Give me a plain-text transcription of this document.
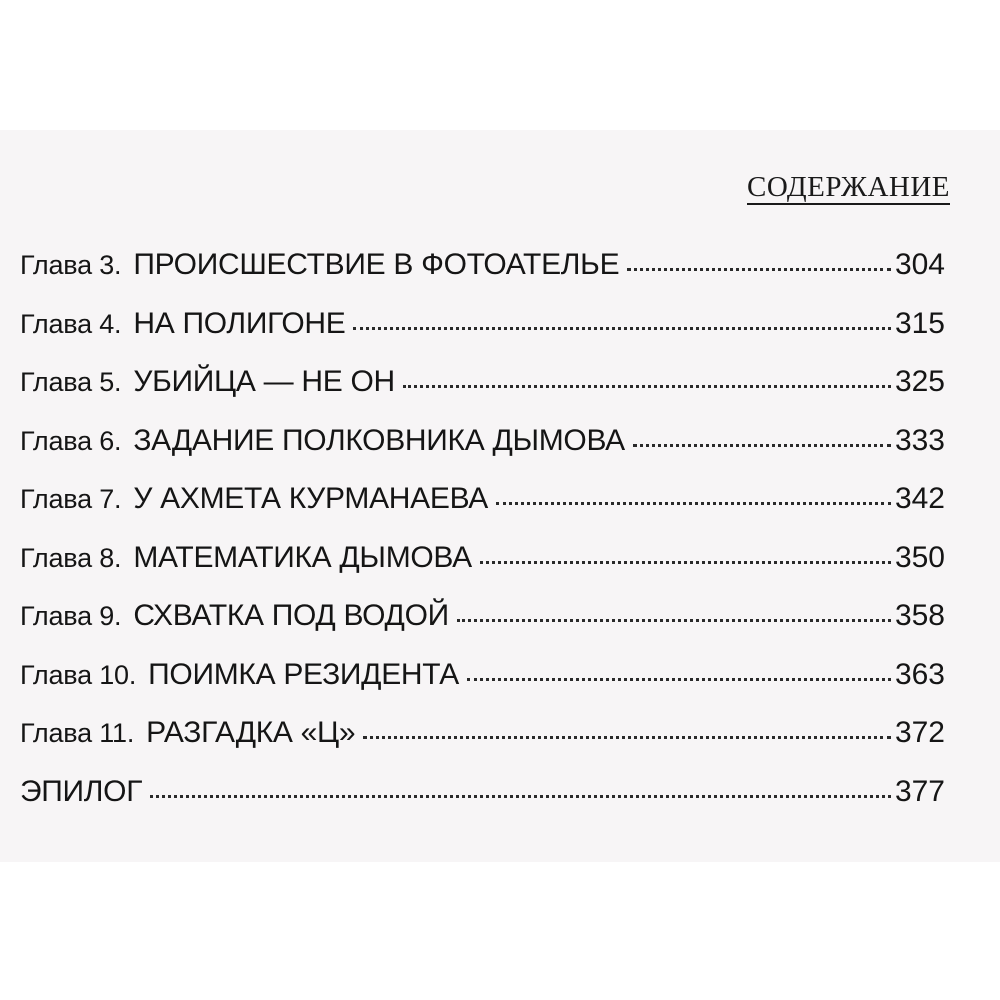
СОДЕРЖАНИЕ
Глава 3. ПРОИСШЕСТВИЕ В ФОТОАТЕЛЬЕ	304
Глава 4. НА ПОЛИГОНЕ	315
Глава 5. УБИЙЦА — НЕ ОН	325
Глава 6. ЗАДАНИЕ ПОЛКОВНИКА ДЫМОВА	333
Глава 7. У АХМЕТА КУРМАНАЕВА	342
Глава 8. МАТЕМАТИКА ДЫМОВА	350
Глава 9. СХВАТКА ПОД ВОДОЙ	358
Глава 10. ПОИМКА РЕЗИДЕНТА	363
Глава 11. РАЗГАДКА «Ц»	372
ЭПИЛОГ	377
